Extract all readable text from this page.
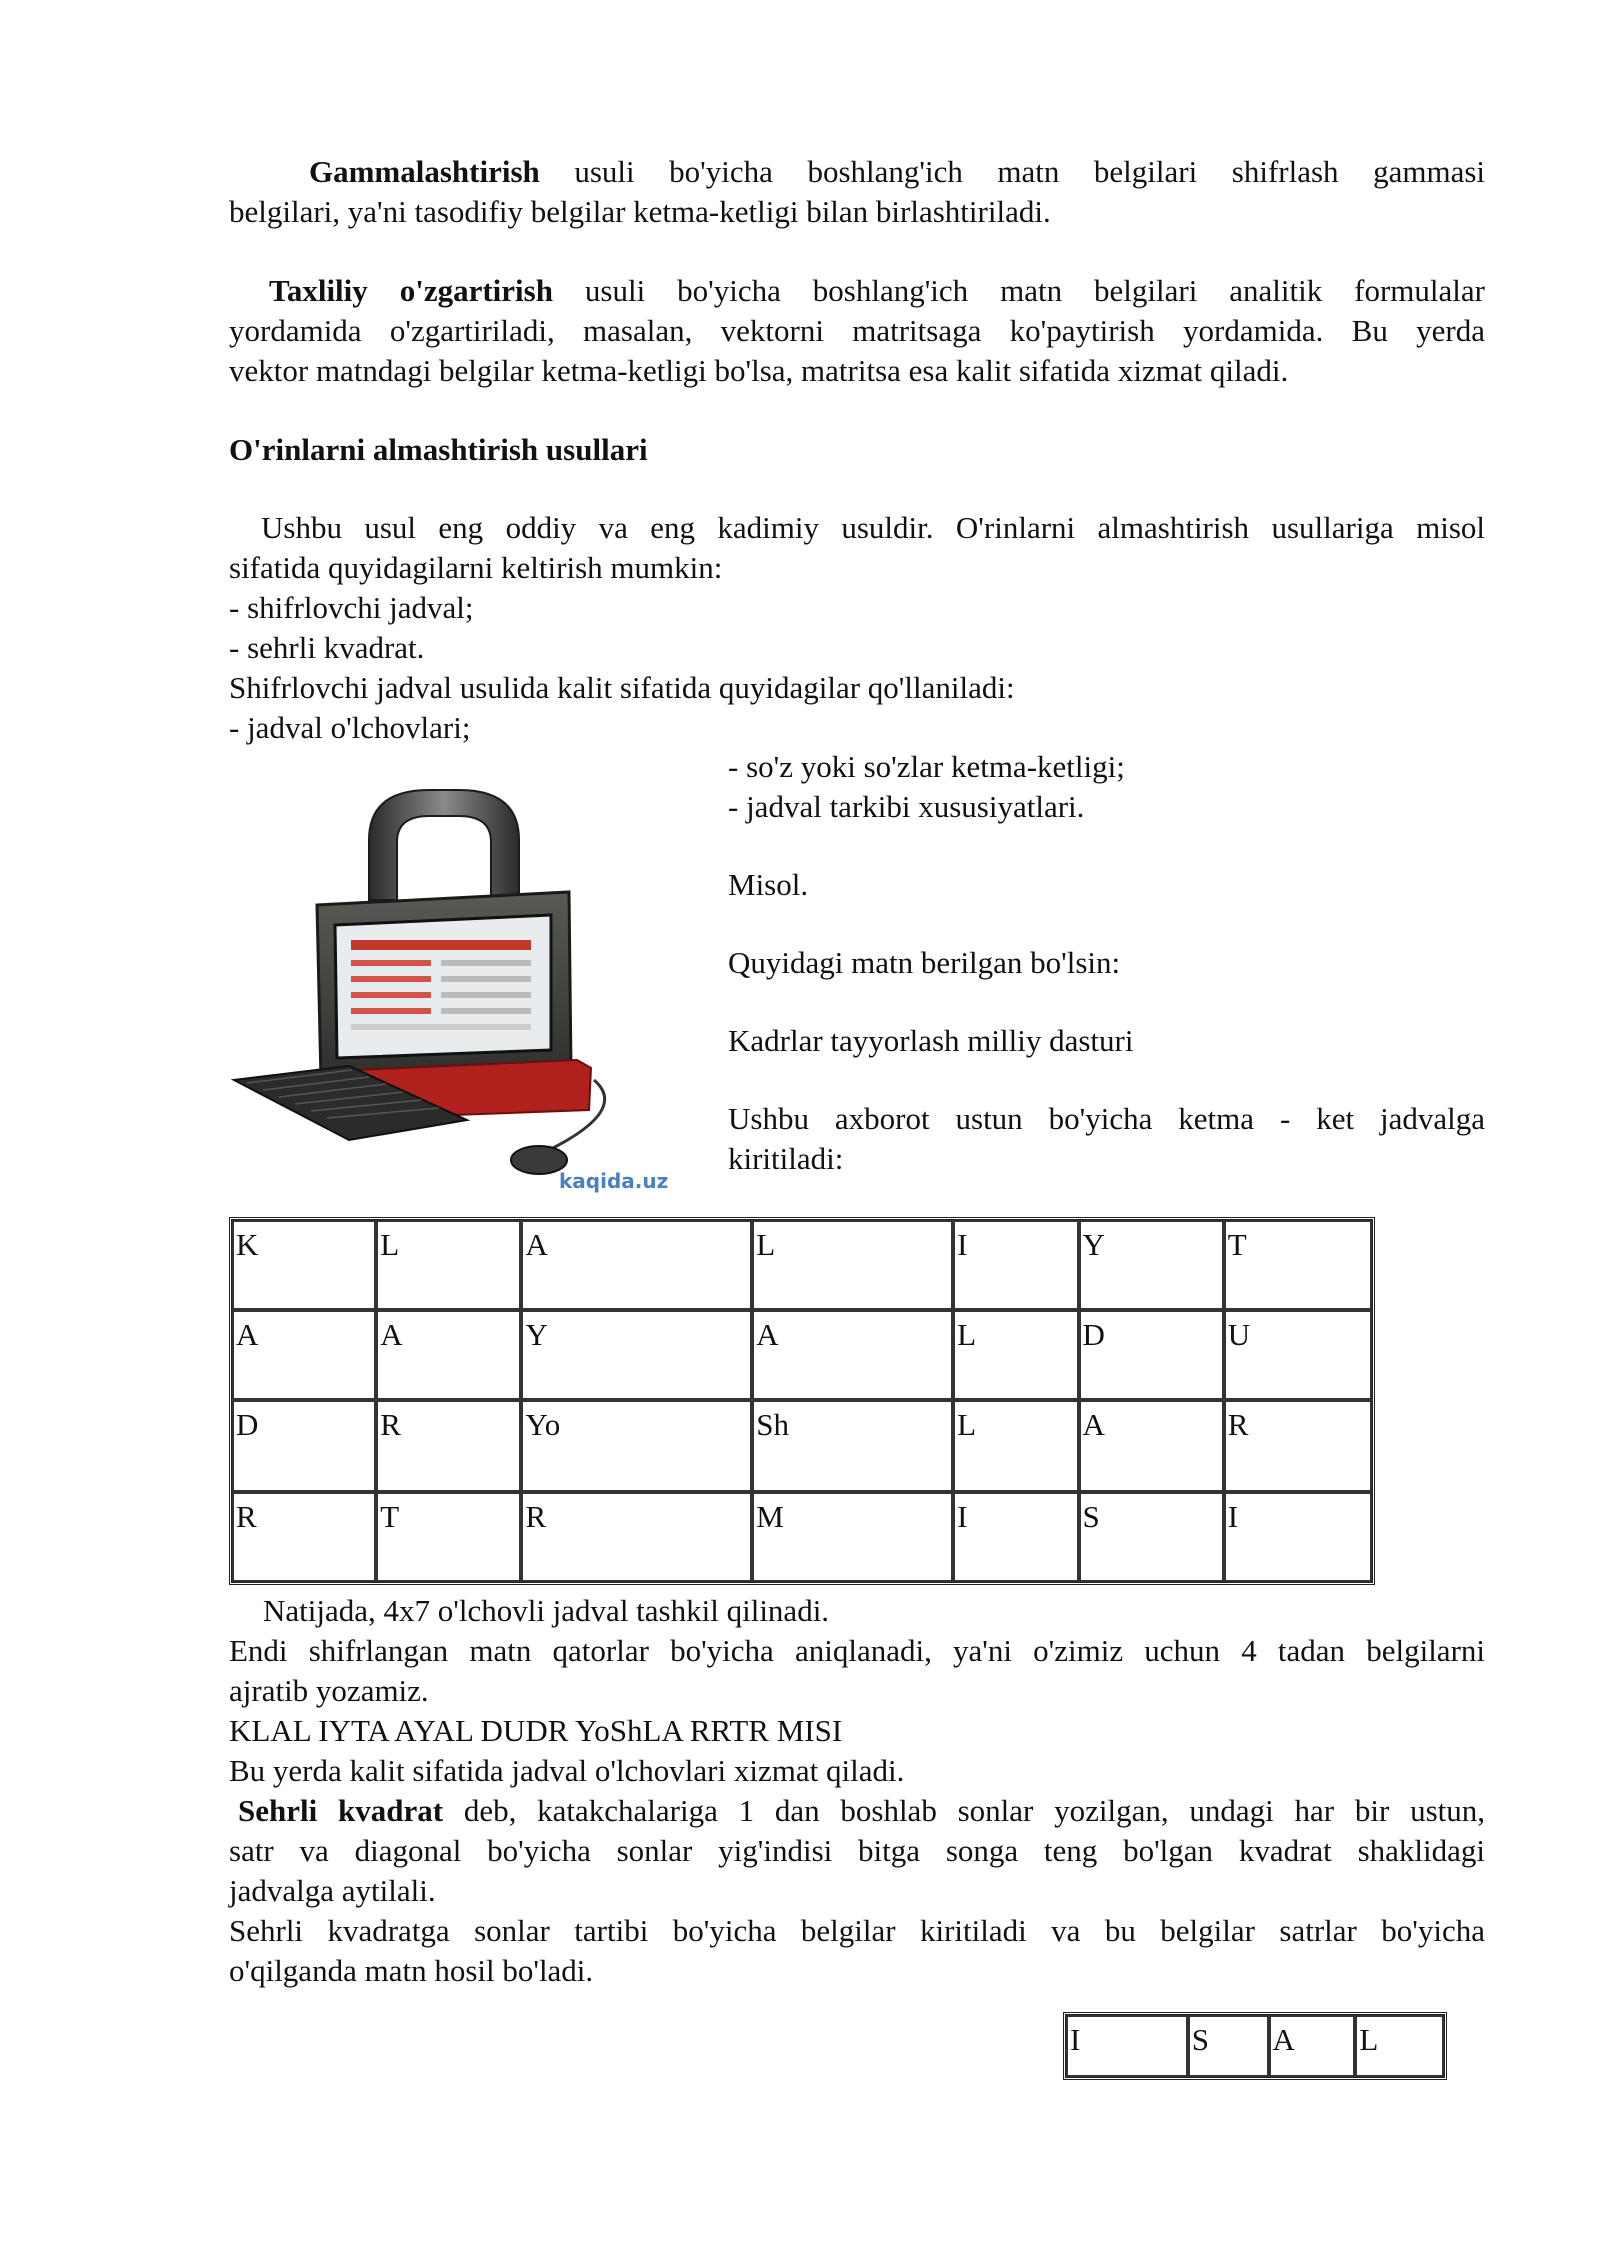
Gammalashtirish usuli bo'yicha boshlang'ich matn belgilari shifrlash gammasi
belgilari, ya'ni tasodifiy belgilar ketma-ketligi bilan birlashtiriladi.
Taxliliy o'zgartirish usuli bo'yicha boshlang'ich matn belgilari analitik formulalar
yordamida o'zgartiriladi, masalan, vektorni matritsaga ko'paytirish yordamida. Bu yerda
vektor matndagi belgilar ketma-ketligi bo'lsa, matritsa esa kalit sifatida xizmat qiladi.
O'rinlarni almashtirish usullari
Ushbu usul eng oddiy va eng kadimiy usuldir. O'rinlarni almashtirish usullariga misol
sifatida quyidagilarni keltirish mumkin:
- shifrlovchi jadval;
- sehrli kvadrat.
Shifrlovchi jadval usulida kalit sifatida quyidagilar qo'llaniladi:
- jadval o'lchovlari;
kaqida.uz
- so'z yoki so'zlar ketma-ketligi;
- jadval tarkibi xususiyatlari.
Misol.
Quyidagi matn berilgan bo'lsin:
Kadrlar tayyorlash milliy dasturi
Ushbu axborot ustun bo'yicha ketma - ket jadvalga
kiritiladi:
K	L	A	L	I	Y	T
A	A	Y	A	L	D	U
D	R	Yo	Sh	L	A	R
R	T	R	M	I	S	I
Natijada, 4x7 o'lchovli jadval tashkil qilinadi.
Endi shifrlangan matn qatorlar bo'yicha aniqlanadi, ya'ni o'zimiz uchun 4 tadan belgilarni
ajratib yozamiz.
KLAL IYTA AYAL DUDR YoShLA RRTR MISI
Bu yerda kalit sifatida jadval o'lchovlari xizmat qiladi.
Sehrli kvadrat deb, katakchalariga 1 dan boshlab sonlar yozilgan, undagi har bir ustun,
satr va diagonal bo'yicha sonlar yig'indisi bitga songa teng bo'lgan kvadrat shaklidagi
jadvalga aytilali.
Sehrli kvadratga sonlar tartibi bo'yicha belgilar kiritiladi va bu belgilar satrlar bo'yicha
o'qilganda matn hosil bo'ladi.
I	S	A	L
